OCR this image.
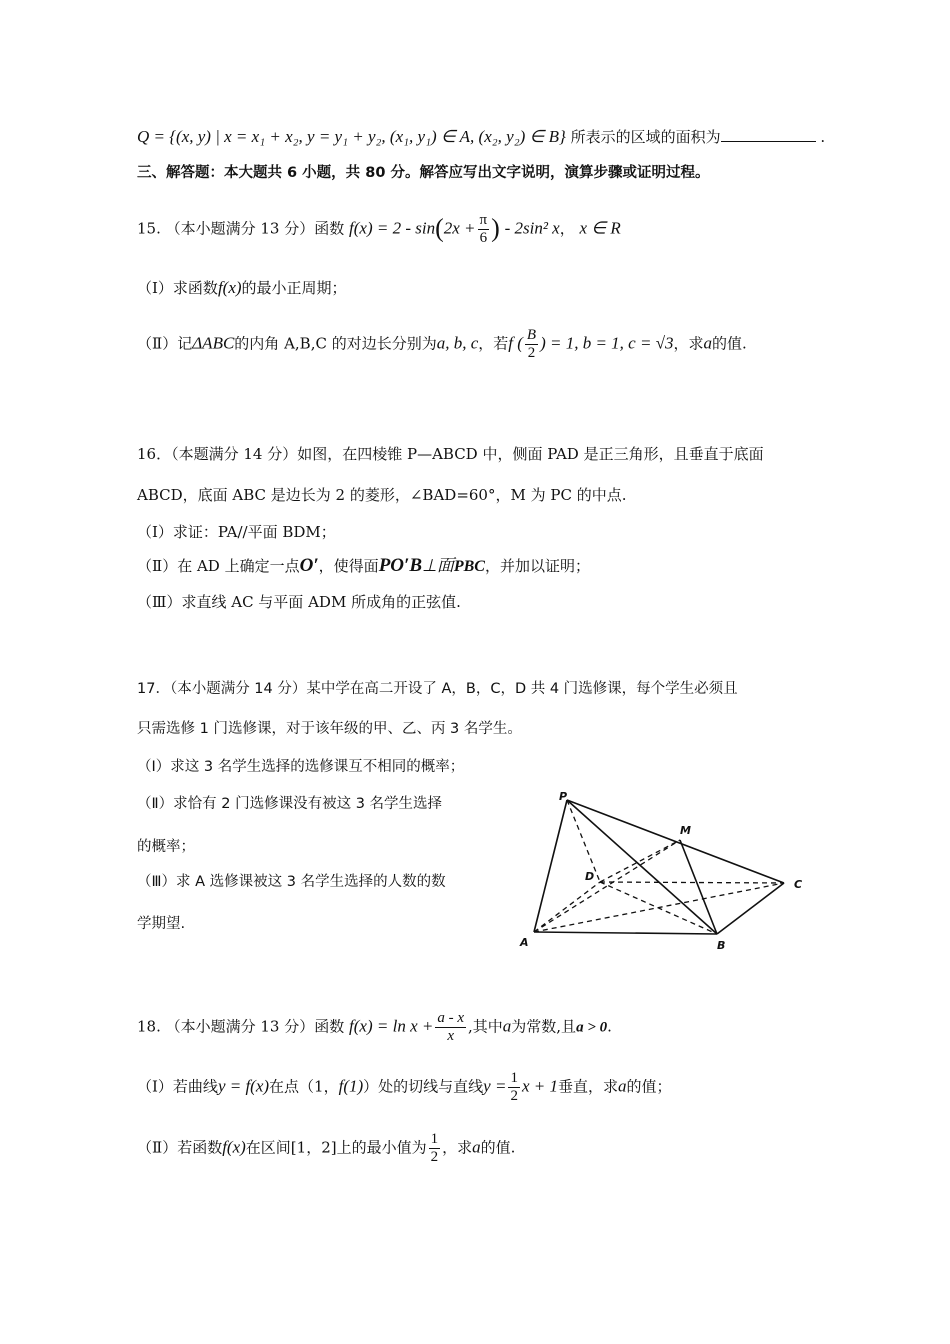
Q = {(x, y) | x = x₁ + x₂, y = y₁ + y₂, (x₁, y₁) ∈ A, (x₂, y₂) ∈ B} 所表示的区域的面积为	.
三、解答题：本大题共 6 小题，共 80 分。解答应写出文字说明，演算步骤或证明过程。
15. （本小题满分 13 分）函数 $f(x) = 2 - \sin(2x + \frac{\pi}{6}$ ) - 2sin² x， x ∈ R
（Ⅰ）求函数f(x)的最小正周期；
（Ⅱ）记ΔABC的内角 A,B,C 的对边长分别为a, b, c，若f ( $\frac{B}{2}$ ) = 1, b = 1, c = √3，求a的值.
16．（本题满分 14 分）如图，在四棱锥 P—ABCD 中，侧面 PAD 是正三角形，且垂直于底面
ABCD，底面 ABC 是边长为 2 的菱形，∠BAD=60°，M 为 PC 的中点.
（Ⅰ）求证：PA//平面 BDM；
（Ⅱ）在 AD 上确定一点O′，使得面PO′B⊥面PBC，并加以证明；
（Ⅲ）求直线 AC 与平面 ADM 所成角的正弦值.
17．（本小题满分 14 分）某中学在高二开设了 A，B，C，D 共 4 门选修课，每个学生必须且
只需选修 1 门选修课，对于该年级的甲、乙、丙 3 名学生。
（Ⅰ）求这 3 名学生选择的选修课互不相同的概率；
（Ⅱ）求恰有 2 门选修课没有被这 3 名学生选择
的概率；
（Ⅲ）求 A 选修课被这 3 名学生选择的人数的数
学期望.
P
M
D
C
A	B
18. （本小题满分 13 分）函数 $f(x) = \ln x + \frac{a - x}{x}$ ,其中a为常数,且a > 0.
（Ⅰ）若曲线y = f(x)在点（1，f(1)）处的切线与直线$y = \frac{1}{2}$ x + 1垂直，求a的值；
（Ⅱ）若函数f(x)在区间[1，2]上的最小值为 $\frac{1}{2}$ ，求a的值.
